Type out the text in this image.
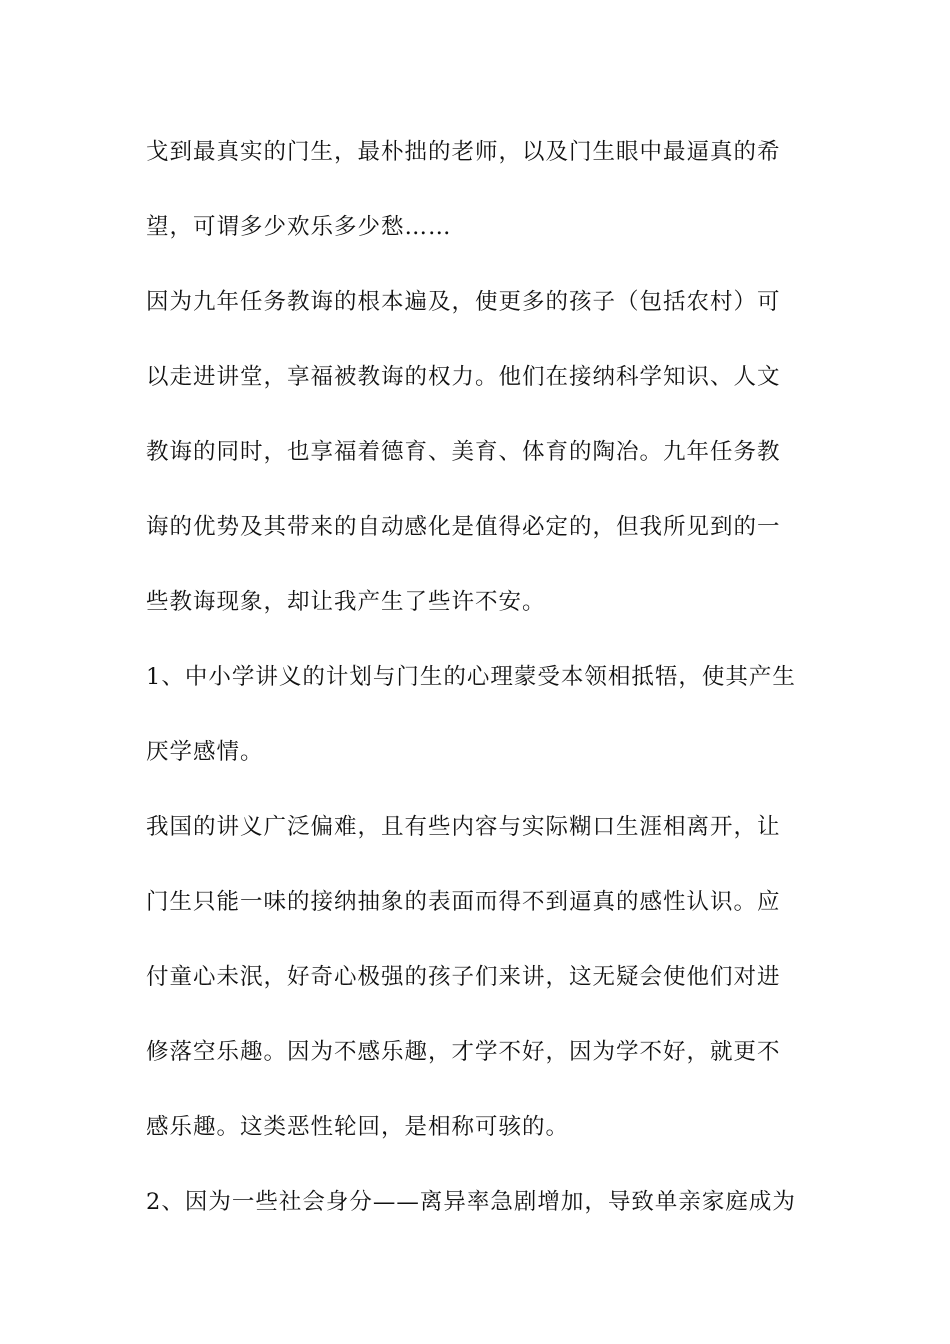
戈到最真实的门生，最朴拙的老师，以及门生眼中最逼真的希
望，可谓多少欢乐多少愁……
因为九年任务教诲的根本遍及，使更多的孩子（包括农村）可
以走进讲堂，享福被教诲的权力。他们在接纳科学知识、人文
教诲的同时，也享福着德育、美育、体育的陶冶。九年任务教
诲的优势及其带来的自动感化是值得必定的，但我所见到的一
些教诲现象，却让我产生了些许不安。
1、中小学讲义的计划与门生的心理蒙受本领相抵牾，使其产生
厌学感情。
我国的讲义广泛偏难，且有些内容与实际糊口生涯相离开，让
门生只能一味的接纳抽象的表面而得不到逼真的感性认识。应
付童心未泯，好奇心极强的孩子们来讲，这无疑会使他们对进
修落空乐趣。因为不感乐趣，才学不好，因为学不好，就更不
感乐趣。这类恶性轮回，是相称可骇的。
2、因为一些社会身分——离异率急剧增加，导致单亲家庭成为
